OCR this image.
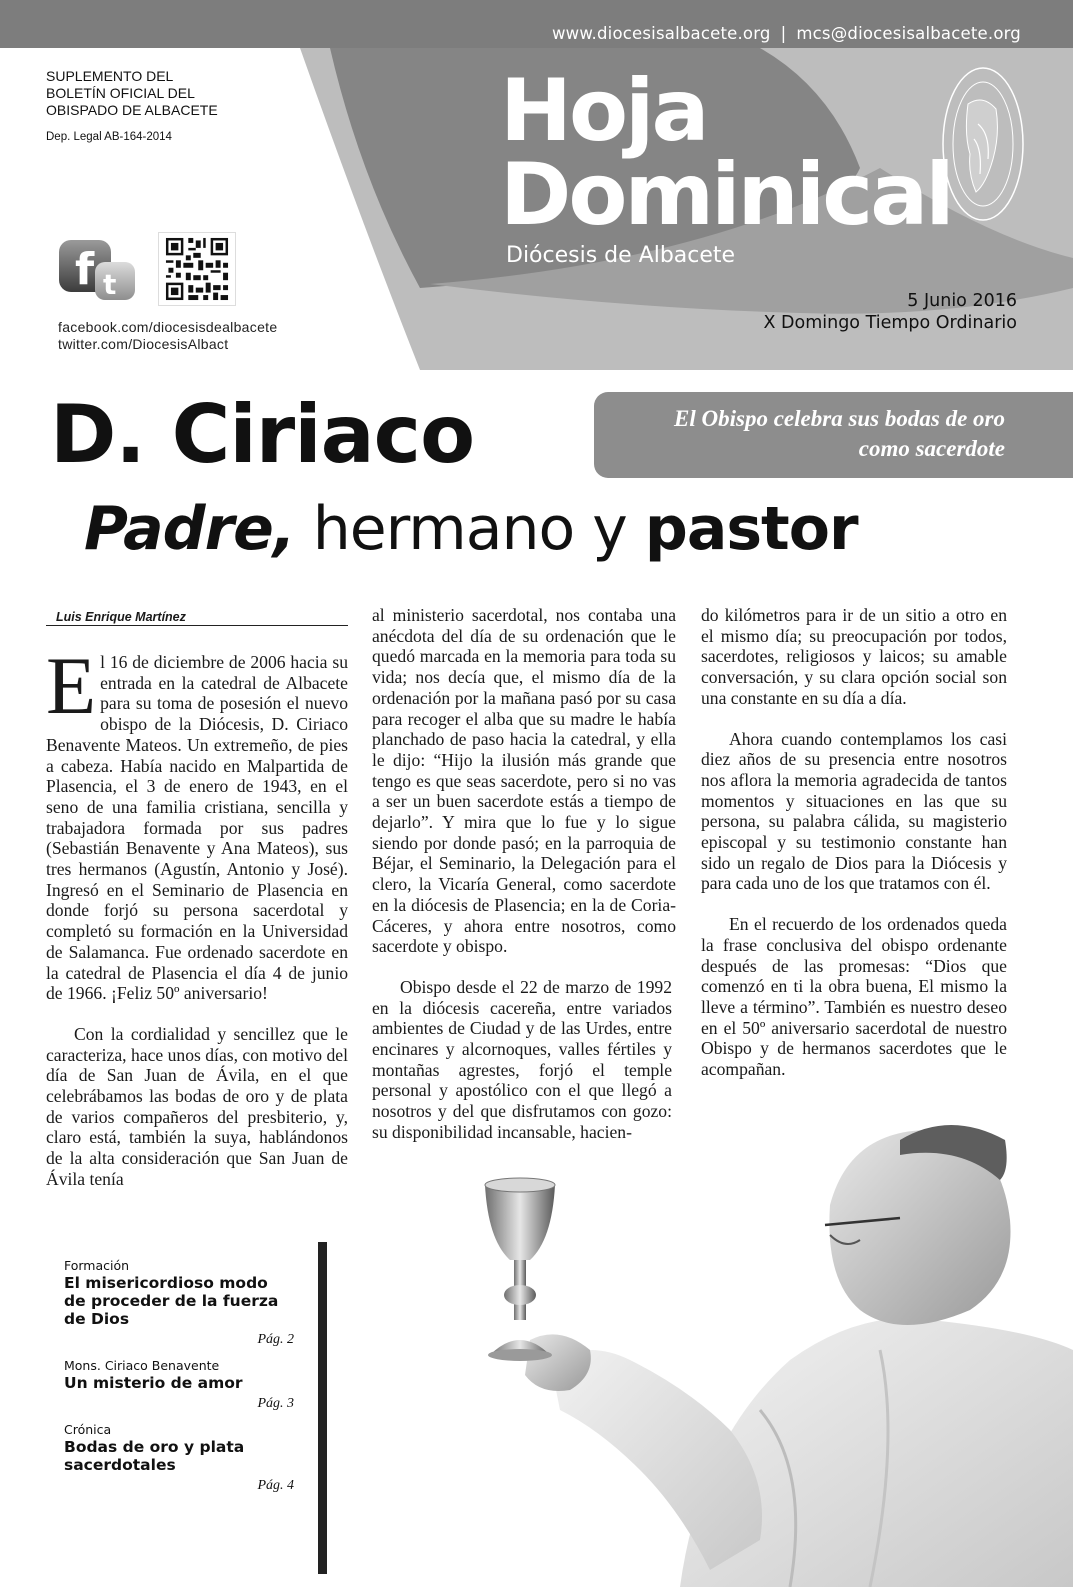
www.diocesisalbacete.org | mcs@diocesisalbacete.org
SUPLEMENTO DEL
BOLETÍN OFICIAL DEL
OBISPADO DE ALBACETE
Dep. Legal AB-164-2014
f t
facebook.com/diocesisdealbacete
twitter.com/DiocesisAlbact
Hoja
Dominical
Diócesis de Albacete
5 Junio 2016
X Domingo Tiempo Ordinario
D. Ciriaco	El Obispo celebra sus bodas de oro
como sacerdote
Padre, hermano y pastor
Luis Enrique Martínez

El 16 de diciembre de 2006 hacia su entrada en la catedral de Albacete para su toma de posesión el nuevo obispo de la Diócesis, D. Ciriaco Benavente Mateos. Un extremeño, de pies a cabeza. Había nacido en Malpartida de Plasencia, el 3 de enero de 1943, en el seno de una familia cristiana, sencilla y trabajadora formada por sus padres (Sebastián Benavente y Ana Mateos), sus tres hermanos (Agustín, Antonio y José). Ingresó en el Seminario de Plasencia en donde forjó su persona sacerdotal y completó su formación en la Universidad de Salamanca. Fue ordenado sacerdote en la catedral de Plasencia el día 4 de junio de 1966. ¡Feliz 50º aniversario!

Con la cordialidad y sencillez que le caracteriza, hace unos días, con motivo del día de San Juan de Ávila, en el que celebrábamos las bodas de oro y de plata de varios compañeros del presbiterio, y, claro está, también la suya, hablándonos de la alta consideración que San Juan de Ávila tenía

al ministerio sacerdotal, nos contaba una anécdota del día de su ordenación que le quedó marcada en la memoria para toda su vida; nos decía que, el mismo día de la ordenación por la mañana pasó por su casa para recoger el alba que su madre le había planchado de paso hacia la catedral, y ella le dijo: “Hijo la ilusión más grande que tengo es que seas sacerdote, pero si no vas a ser un buen sacerdote estás a tiempo de dejarlo”. Y mira que lo fue y lo sigue siendo por donde pasó; en la parroquia de Béjar, el Seminario, la Delegación para el clero, la Vicaría General, como sacerdote en la diócesis de Plasencia; en la de Coria-Cáceres, y ahora entre nosotros, como sacerdote y obispo.

Obispo desde el 22 de marzo de 1992 en la diócesis cacereña, entre variados ambientes de Ciudad y de las Urdes, entre encinares y alcornoques, valles fértiles y montañas agrestes, forjó el temple personal y apostólico con el que llegó a nosotros y del que disfrutamos con gozo: su disponibilidad incansable, hacien-

do kilómetros para ir de un sitio a otro en el mismo día; su preocupación por todos, sacerdotes, religiosos y laicos; su amable conversación, y su clara opción social son una constante en su día a día.

Ahora cuando contemplamos los casi diez años de su presencia entre nosotros nos aflora la memoria agradecida de tantos momentos y situaciones en las que su persona, su palabra cálida, su magisterio episcopal y su testimonio constante han sido un regalo de Dios para la Diócesis y para cada uno de los que tratamos con él.

En el recuerdo de los ordenados queda la frase conclusiva del obispo ordenante después de las promesas: “Dios que comenzó en ti la obra buena, El mismo la lleve a término”. También es nuestro deseo en el 50º aniversario sacerdotal de nuestro Obispo y de hermanos sacerdotes que le acompañan.

Formación
El misericordioso modo de proceder de la fuerza de Dios
Pág. 2
Mons. Ciriaco Benavente
Un misterio de amor
Pág. 3
Crónica
Bodas de oro y plata sacerdotales
Pág. 4
